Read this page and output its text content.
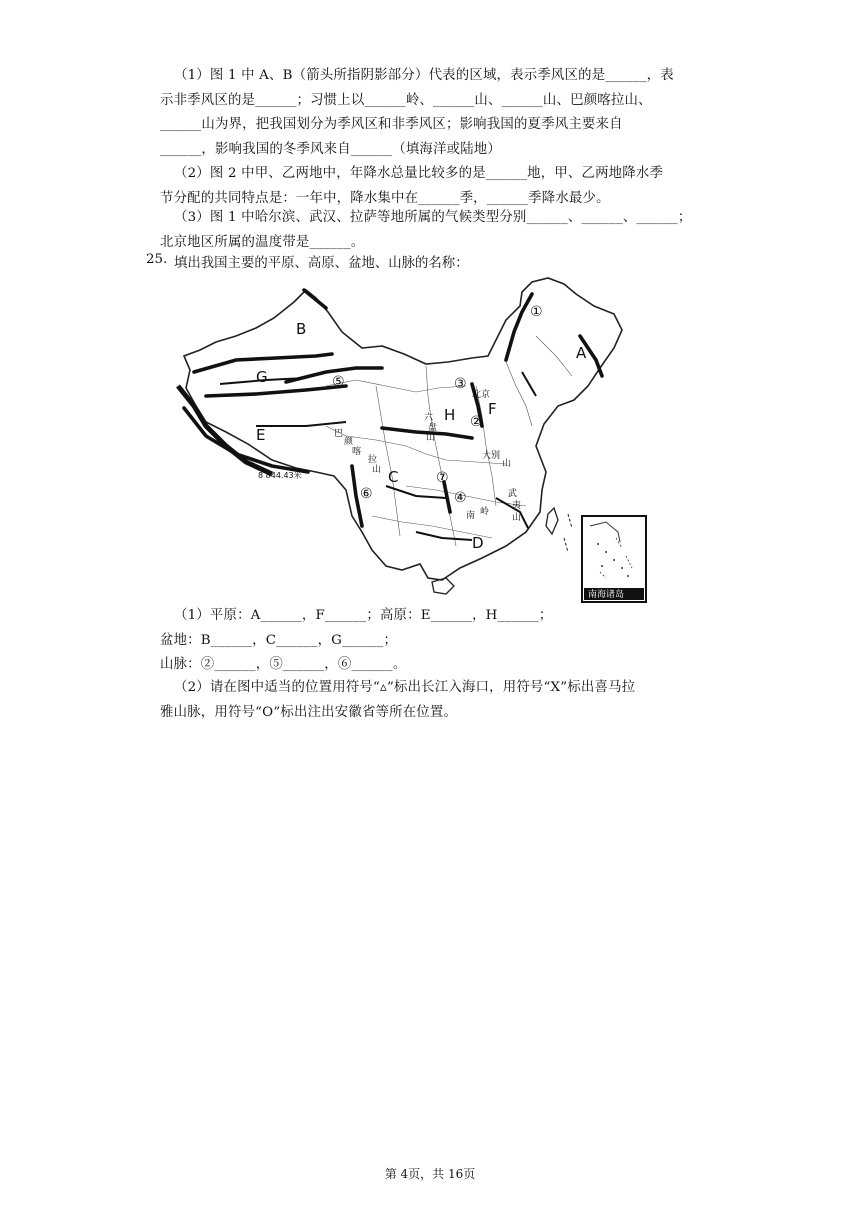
（1）图 1 中 A、B（箭头所指阴影部分）代表的区域，表示季风区的是______，表
示非季风区的是______；习惯上以______岭、______山、______山、巴颜喀拉山、
______山为界，把我国划分为季风区和非季风区；影响我国的夏季风主要来自
______，影响我国的冬季风来自______（填海洋或陆地）
（2）图 2 中甲、乙两地中，年降水总量比较多的是______地，甲、乙两地降水季
节分配的共同特点是：一年中，降水集中在______季，______季降水最少。
（3）图 1 中哈尔滨、武汉、拉萨等地所属的气候类型分别______、______、______；
北京地区所属的温度带是______。
25. 填出我国主要的平原、高原、盆地、山脉的名称：
A
B
C
D
E
F
G
H
①
②
③
④
⑤
⑥
⑦
北京
六
盘
山
巴
颜
喀
拉
山
大别
山
武
夷
山
南 岭
8 844.43米
南海诸岛
（1）平原：A______，F______；高原：E______，H______；
盆地：B______，C______，G______；
山脉：②______，⑤______，⑥______。
（2）请在图中适当的位置用符号“▵”标出长江入海口，用符号“X”标出喜马拉
雅山脉，用符号“O”标出注出安徽省等所在位置。
第 4页，共 16页
